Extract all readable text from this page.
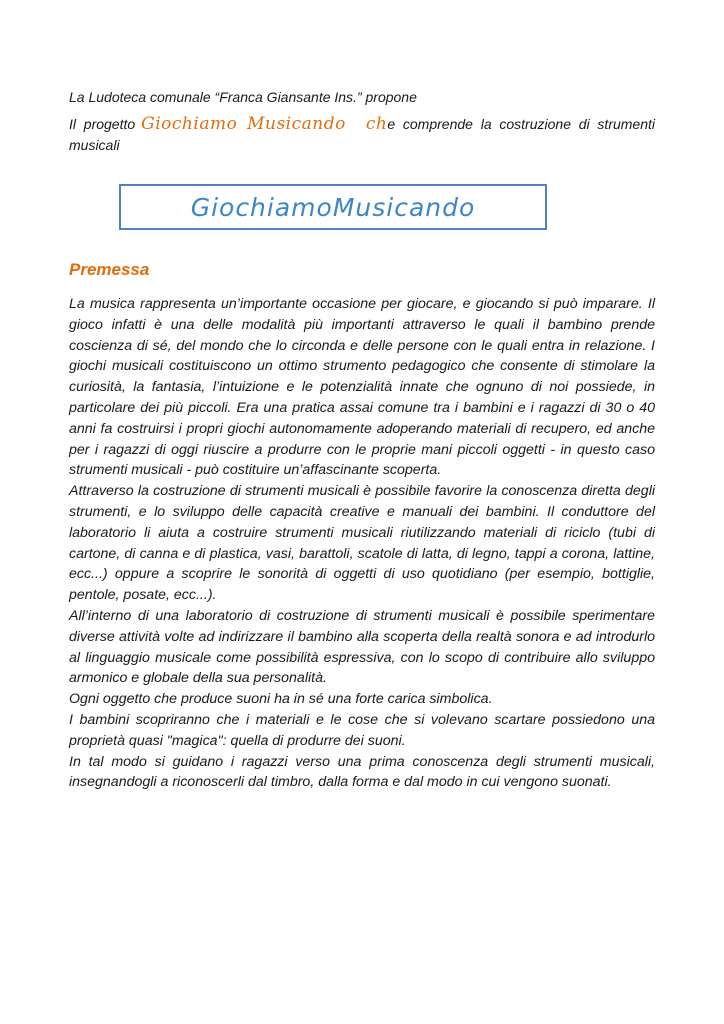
La Ludoteca comunale “Franca Giansante Ins.” propone

Il progetto Giochiamo Musicando che comprende la costruzione di strumenti musicali

GiochiamoMusicando
Premessa

La musica rappresenta un’importante occasione per giocare, e giocando si può imparare. Il gioco infatti è una delle modalità più importanti attraverso le quali il bambino prende coscienza di sé, del mondo che lo circonda e delle persone con le quali entra in relazione. I giochi musicali costituiscono un ottimo strumento pedagogico che consente di stimolare la curiosità, la fantasia, l’intuizione e le potenzialità innate che ognuno di noi possiede, in particolare dei più piccoli. Era una pratica assai comune tra i bambini e i ragazzi di 30 o 40 anni fa costruirsi i propri giochi autonomamente adoperando materiali di recupero, ed anche per i ragazzi di oggi riuscire a produrre con le proprie mani piccoli oggetti - in questo caso strumenti musicali - può costituire un’affascinante scoperta.

Attraverso la costruzione di strumenti musicali è possibile favorire la conoscenza diretta degli strumenti, e lo sviluppo delle capacità creative e manuali dei bambini. Il conduttore del laboratorio li aiuta a costruire strumenti musicali riutilizzando materiali di riciclo (tubi di cartone, di canna e di plastica, vasi, barattoli, scatole di latta, di legno, tappi a corona, lattine, ecc...) oppure a scoprire le sonorità di oggetti di uso quotidiano (per esempio, bottiglie, pentole, posate, ecc...).

All’interno di una laboratorio di costruzione di strumenti musicali è possibile sperimentare diverse attività volte ad indirizzare il bambino alla scoperta della realtà sonora e ad introdurlo al linguaggio musicale come possibilità espressiva, con lo scopo di contribuire allo sviluppo armonico e globale della sua personalità.

Ogni oggetto che produce suoni ha in sé una forte carica simbolica.

I bambini scopriranno che i materiali e le cose che si volevano scartare possiedono una proprietà quasi "magica": quella di produrre dei suoni.

In tal modo si guidano i ragazzi verso una prima conoscenza degli strumenti musicali, insegnandogli a riconoscerli dal timbro, dalla forma e dal modo in cui vengono suonati.
